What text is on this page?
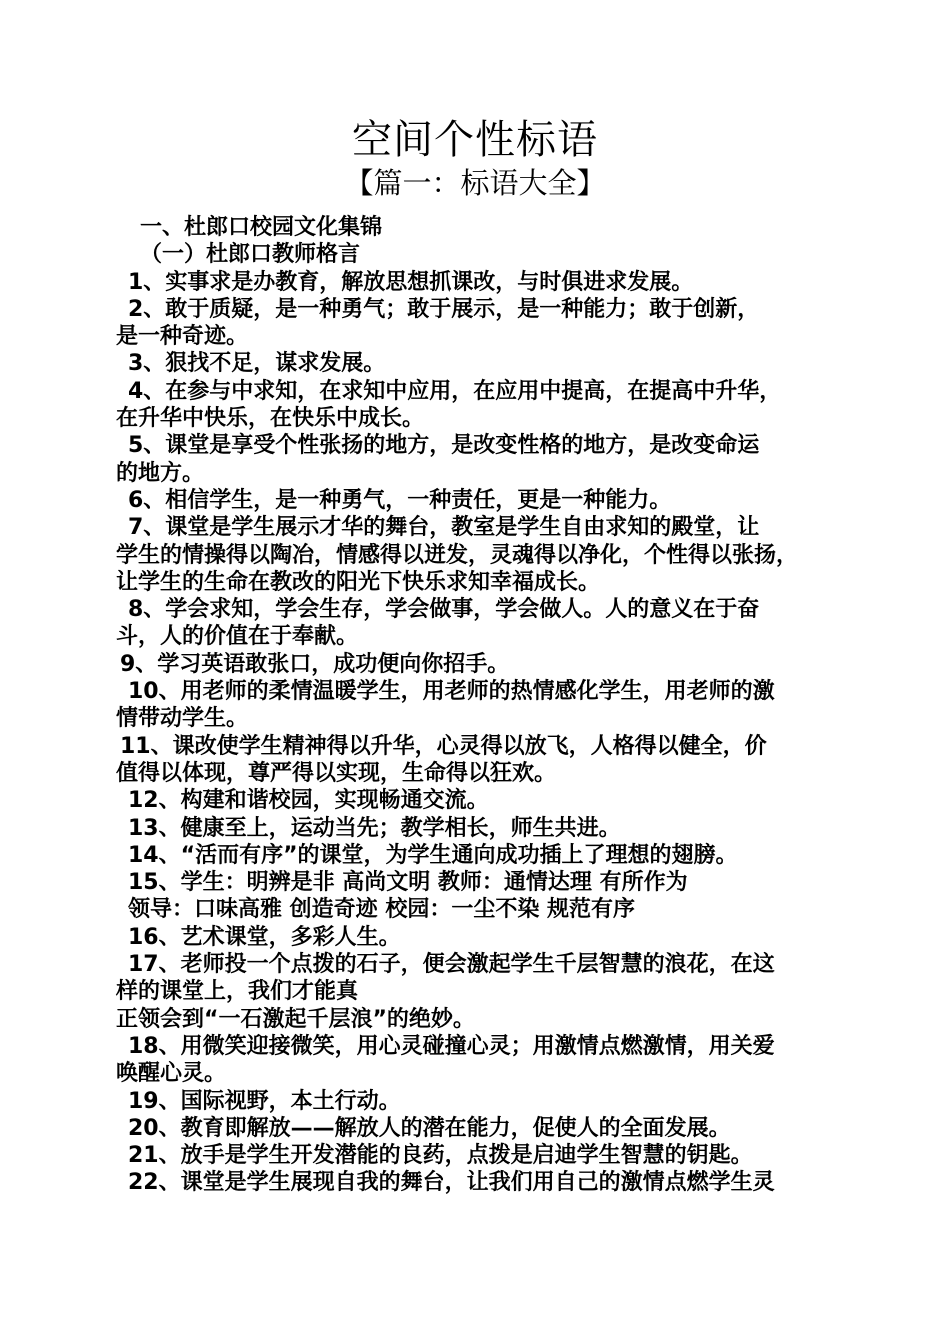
空间个性标语
【篇一：标语大全】
一、杜郎口校园文化集锦
（一）杜郎口教师格言
1、实事求是办教育，解放思想抓课改，与时俱进求发展。
2、敢于质疑，是一种勇气；敢于展示，是一种能力；敢于创新，
是一种奇迹。
3、狠找不足，谋求发展。
4、在参与中求知，在求知中应用，在应用中提高，在提高中升华，
在升华中快乐，在快乐中成长。
5、课堂是享受个性张扬的地方，是改变性格的地方，是改变命运
的地方。
6、相信学生，是一种勇气，一种责任，更是一种能力。
7、课堂是学生展示才华的舞台，教室是学生自由求知的殿堂，让
学生的情操得以陶冶，情感得以迸发，灵魂得以净化，个性得以张扬，
让学生的生命在教改的阳光下快乐求知幸福成长。
8、学会求知，学会生存，学会做事，学会做人。人的意义在于奋
斗，人的价值在于奉献。
9、学习英语敢张口，成功便向你招手。
10、用老师的柔情温暖学生，用老师的热情感化学生，用老师的激
情带动学生。
11、课改使学生精神得以升华，心灵得以放飞，人格得以健全，价
值得以体现，尊严得以实现，生命得以狂欢。
12、构建和谐校园，实现畅通交流。
13、健康至上，运动当先；教学相长，师生共进。
14、“活而有序”的课堂，为学生通向成功插上了理想的翅膀。
15、学生：明辨是非 高尚文明 教师：通情达理 有所作为
领导：口味高雅 创造奇迹 校园：一尘不染 规范有序
16、艺术课堂，多彩人生。
17、老师投一个点拨的石子，便会激起学生千层智慧的浪花，在这
样的课堂上，我们才能真
正领会到“一石激起千层浪”的绝妙。
18、用微笑迎接微笑，用心灵碰撞心灵；用激情点燃激情，用关爱
唤醒心灵。
19、国际视野，本土行动。
20、教育即解放——解放人的潜在能力，促使人的全面发展。
21、放手是学生开发潜能的良药，点拨是启迪学生智慧的钥匙。
22、课堂是学生展现自我的舞台，让我们用自己的激情点燃学生灵
